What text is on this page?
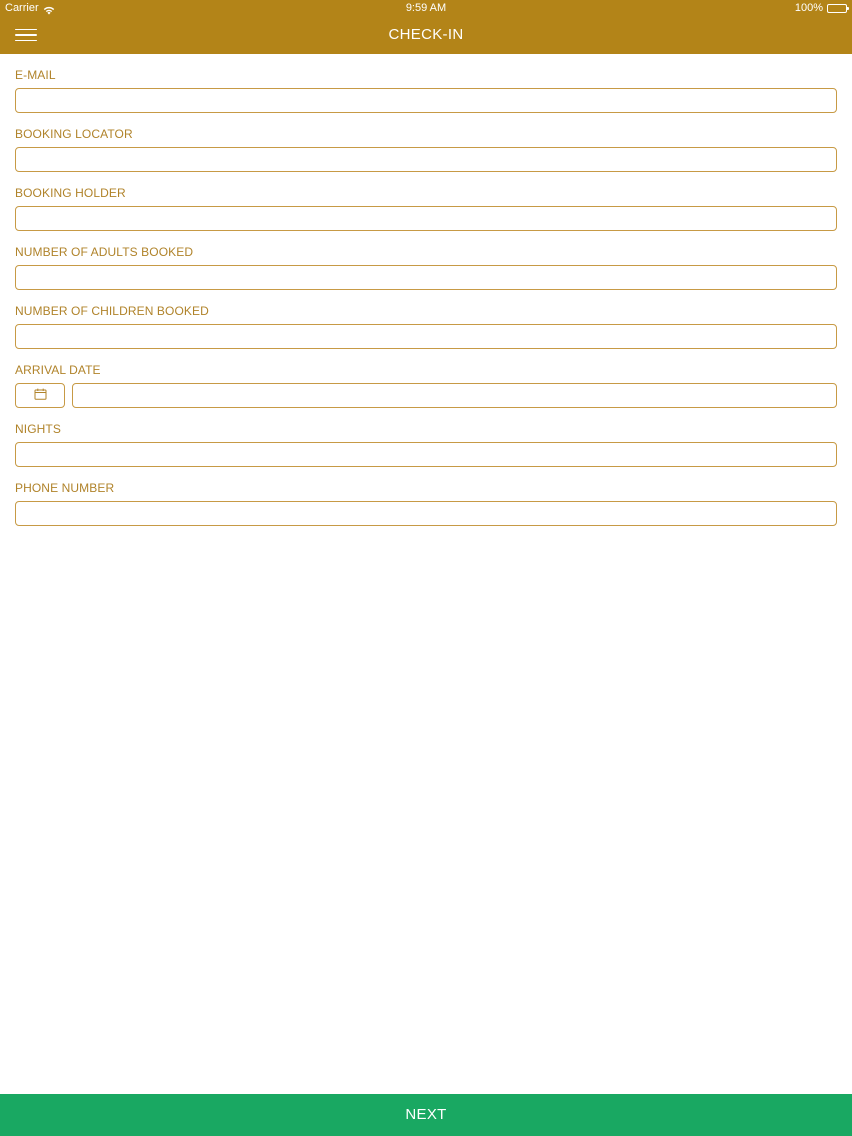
Carrier	9:59 AM	100%
CHECK-IN
E-MAIL
BOOKING LOCATOR
BOOKING HOLDER
NUMBER OF ADULTS BOOKED
NUMBER OF CHILDREN BOOKED
ARRIVAL DATE
NIGHTS
PHONE NUMBER
NEXT
